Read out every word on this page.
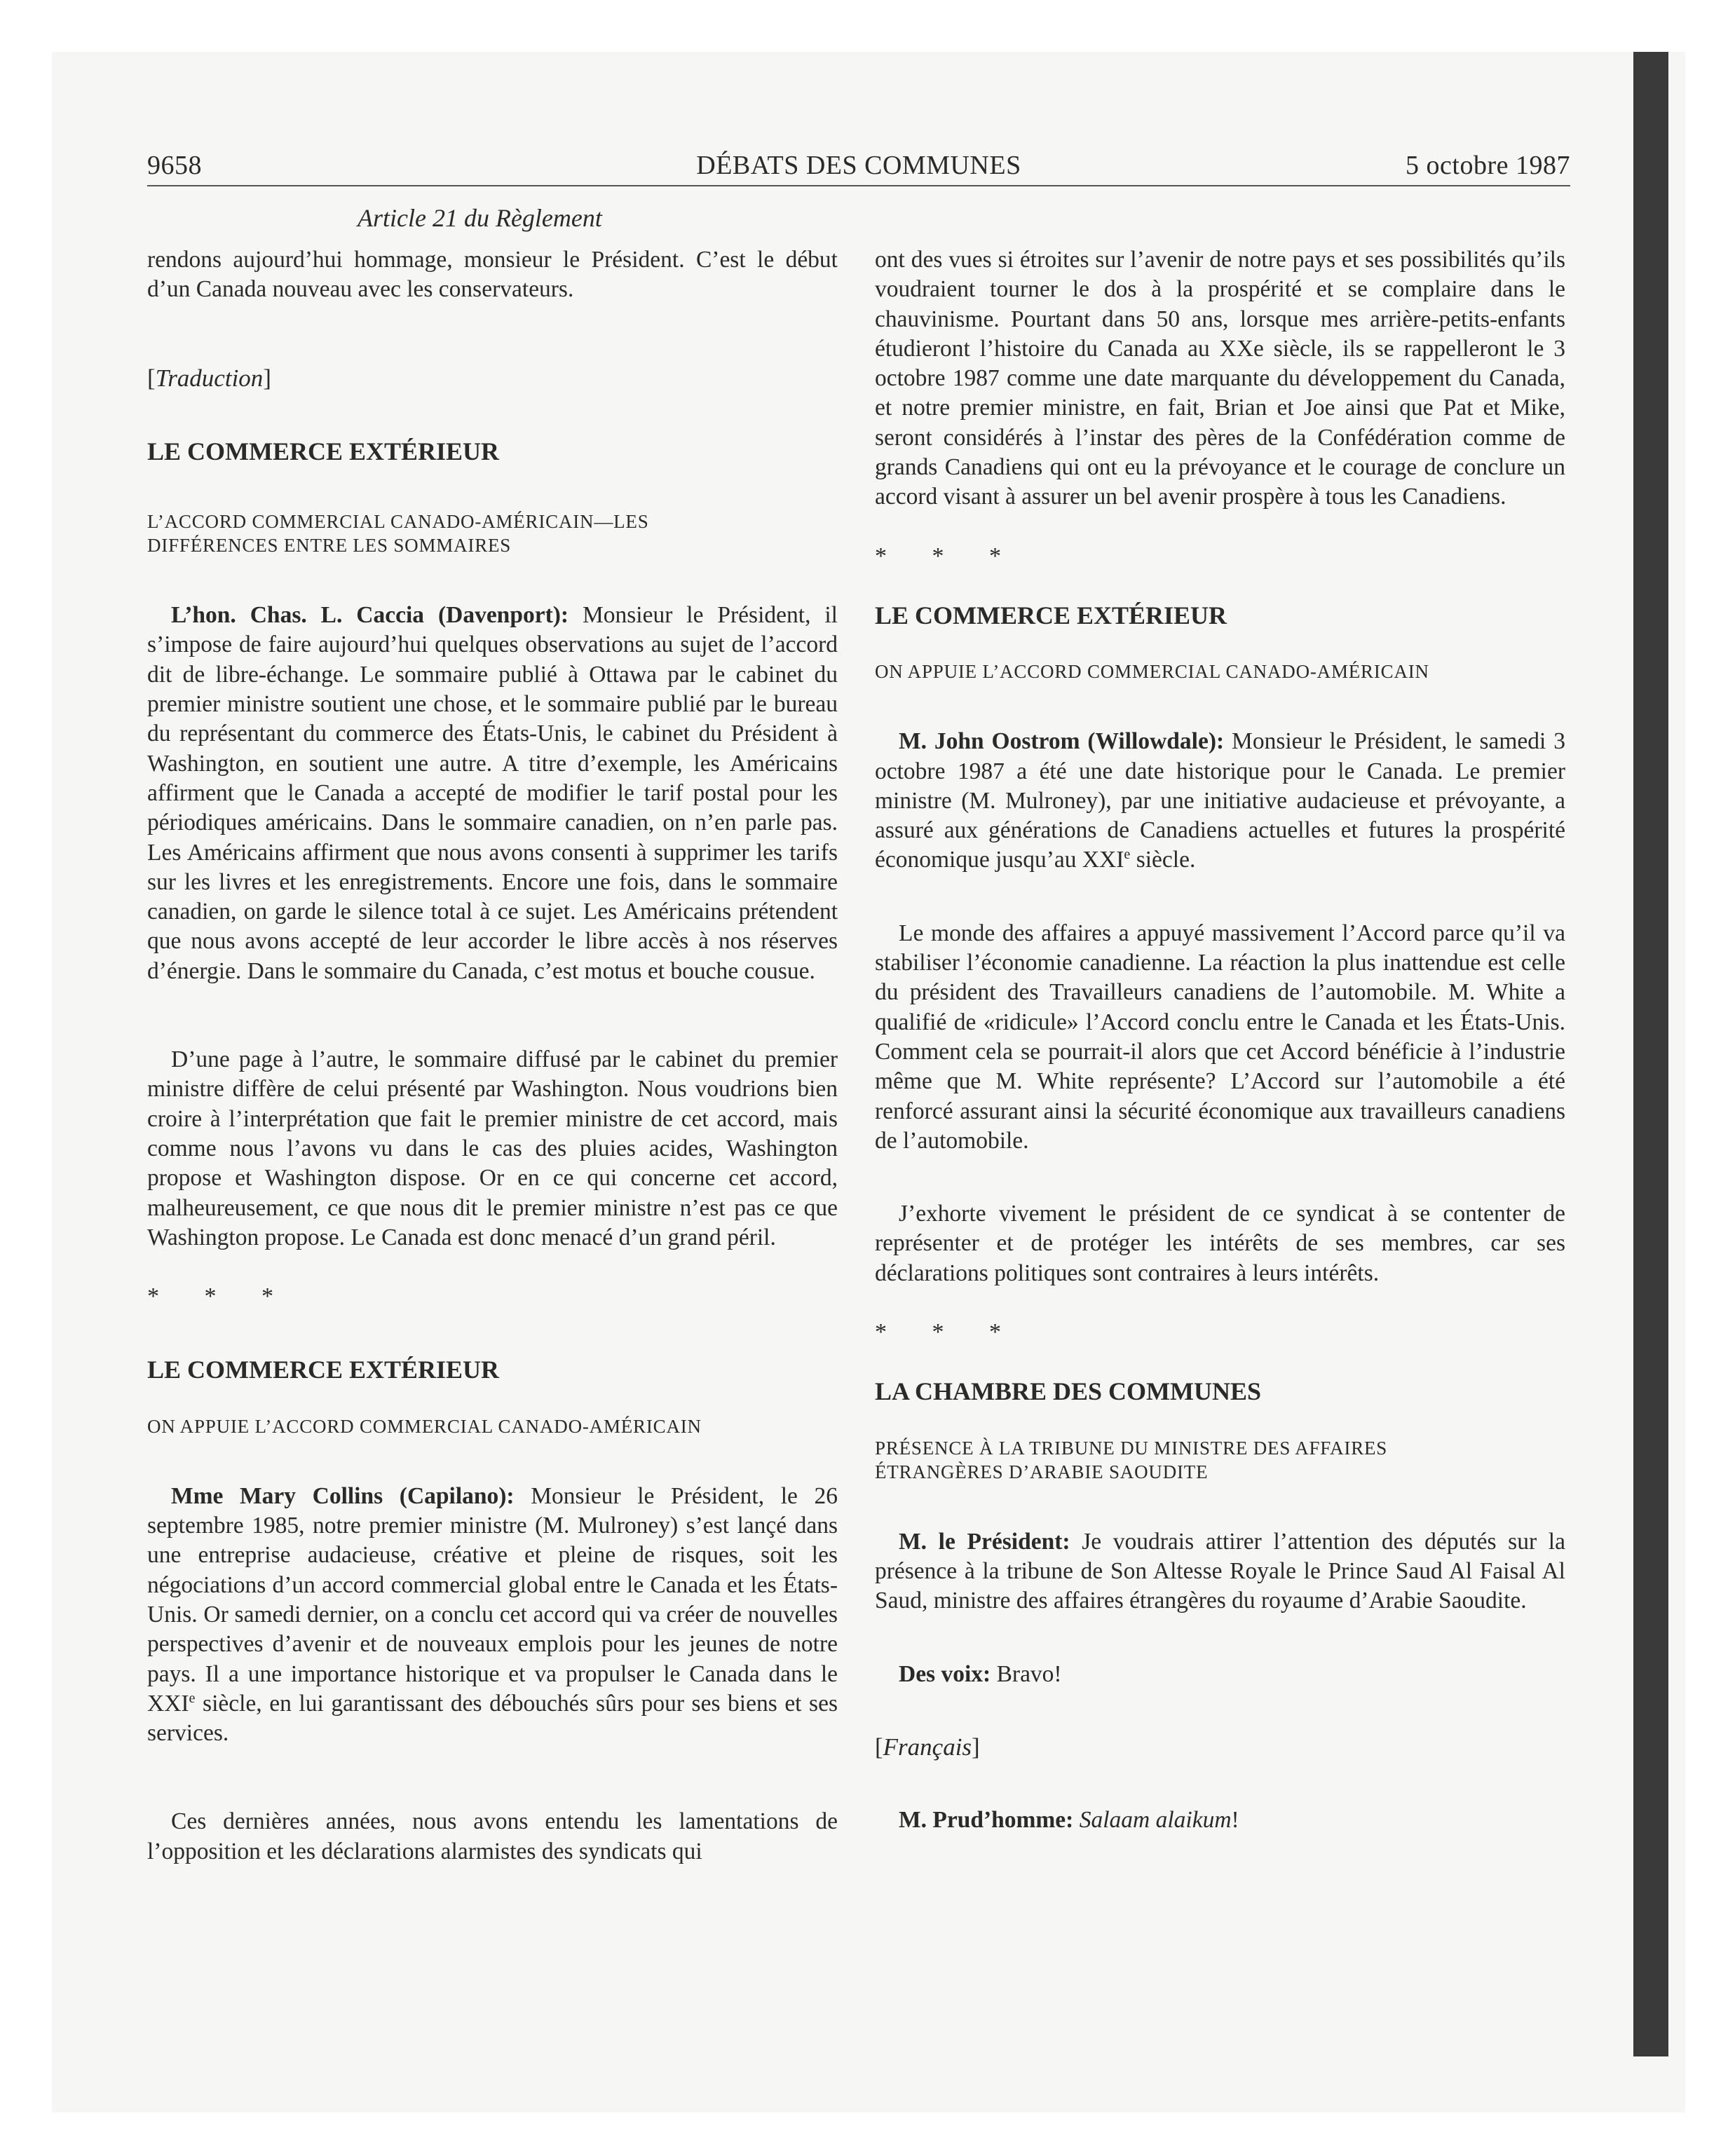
9658	DÉBATS DES COMMUNES	5 octobre 1987
Article 21 du Règlement

rendons aujourd’hui hommage, monsieur le Président. C’est le début d’un Canada nouveau avec les conservateurs.

[Traduction]

LE COMMERCE EXTÉRIEUR

L’ACCORD COMMERCIAL CANADO-AMÉRICAIN—LES
DIFFÉRENCES ENTRE LES SOMMAIRES

L’hon. Chas. L. Caccia (Davenport): Monsieur le Président, il s’impose de faire aujourd’hui quelques observations au sujet de l’accord dit de libre-échange. Le sommaire publié à Ottawa par le cabinet du premier ministre soutient une chose, et le sommaire publié par le bureau du représentant du commerce des États-Unis, le cabinet du Président à Washington, en soutient une autre. A titre d’exemple, les Américains affirment que le Canada a accepté de modifier le tarif postal pour les périodiques américains. Dans le sommaire canadien, on n’en parle pas. Les Américains affirment que nous avons consenti à supprimer les tarifs sur les livres et les enregistrements. Encore une fois, dans le sommaire canadien, on garde le silence total à ce sujet. Les Américains prétendent que nous avons accepté de leur accorder le libre accès à nos réserves d’énergie. Dans le sommaire du Canada, c’est motus et bouche cousue.

D’une page à l’autre, le sommaire diffusé par le cabinet du premier ministre diffère de celui présenté par Washington. Nous voudrions bien croire à l’interprétation que fait le premier ministre de cet accord, mais comme nous l’avons vu dans le cas des pluies acides, Washington propose et Washington dispose. Or en ce qui concerne cet accord, malheureusement, ce que nous dit le premier ministre n’est pas ce que Washington propose. Le Canada est donc menacé d’un grand péril.

* * *

LE COMMERCE EXTÉRIEUR

ON APPUIE L’ACCORD COMMERCIAL CANADO-AMÉRICAIN

Mme Mary Collins (Capilano): Monsieur le Président, le 26 septembre 1985, notre premier ministre (M. Mulroney) s’est lançé dans une entreprise audacieuse, créative et pleine de risques, soit les négociations d’un accord commercial global entre le Canada et les États-Unis. Or samedi dernier, on a conclu cet accord qui va créer de nouvelles perspectives d’avenir et de nouveaux emplois pour les jeunes de notre pays. Il a une importance historique et va propulser le Canada dans le XXIe siècle, en lui garantissant des débouchés sûrs pour ses biens et ses services.

Ces dernières années, nous avons entendu les lamentations de l’opposition et les déclarations alarmistes des syndicats qui

ont des vues si étroites sur l’avenir de notre pays et ses possibilités qu’ils voudraient tourner le dos à la prospérité et se complaire dans le chauvinisme. Pourtant dans 50 ans, lorsque mes arrière-petits-enfants étudieront l’histoire du Canada au XXe siècle, ils se rappelleront le 3 octobre 1987 comme une date marquante du développement du Canada, et notre premier ministre, en fait, Brian et Joe ainsi que Pat et Mike, seront considérés à l’instar des pères de la Confédération comme de grands Canadiens qui ont eu la prévoyance et le courage de conclure un accord visant à assurer un bel avenir prospère à tous les Canadiens.

* * *

LE COMMERCE EXTÉRIEUR

ON APPUIE L’ACCORD COMMERCIAL CANADO-AMÉRICAIN

M. John Oostrom (Willowdale): Monsieur le Président, le samedi 3 octobre 1987 a été une date historique pour le Canada. Le premier ministre (M. Mulroney), par une initiative audacieuse et prévoyante, a assuré aux générations de Canadiens actuelles et futures la prospérité économique jusqu’au XXIe siècle.

Le monde des affaires a appuyé massivement l’Accord parce qu’il va stabiliser l’économie canadienne. La réaction la plus inattendue est celle du président des Travailleurs canadiens de l’automobile. M. White a qualifié de «ridicule» l’Accord conclu entre le Canada et les États-Unis. Comment cela se pourrait-il alors que cet Accord bénéficie à l’industrie même que M. White représente? L’Accord sur l’automobile a été renforcé assurant ainsi la sécurité économique aux travailleurs canadiens de l’automobile.

J’exhorte vivement le président de ce syndicat à se contenter de représenter et de protéger les intérêts de ses membres, car ses déclarations politiques sont contraires à leurs intérêts.

* * *

LA CHAMBRE DES COMMUNES

PRÉSENCE À LA TRIBUNE DU MINISTRE DES AFFAIRES
ÉTRANGÈRES D’ARABIE SAOUDITE

M. le Président: Je voudrais attirer l’attention des députés sur la présence à la tribune de Son Altesse Royale le Prince Saud Al Faisal Al Saud, ministre des affaires étrangères du royaume d’Arabie Saoudite.

Des voix: Bravo!

[Français]

M. Prud’homme: Salaam alaikum!
